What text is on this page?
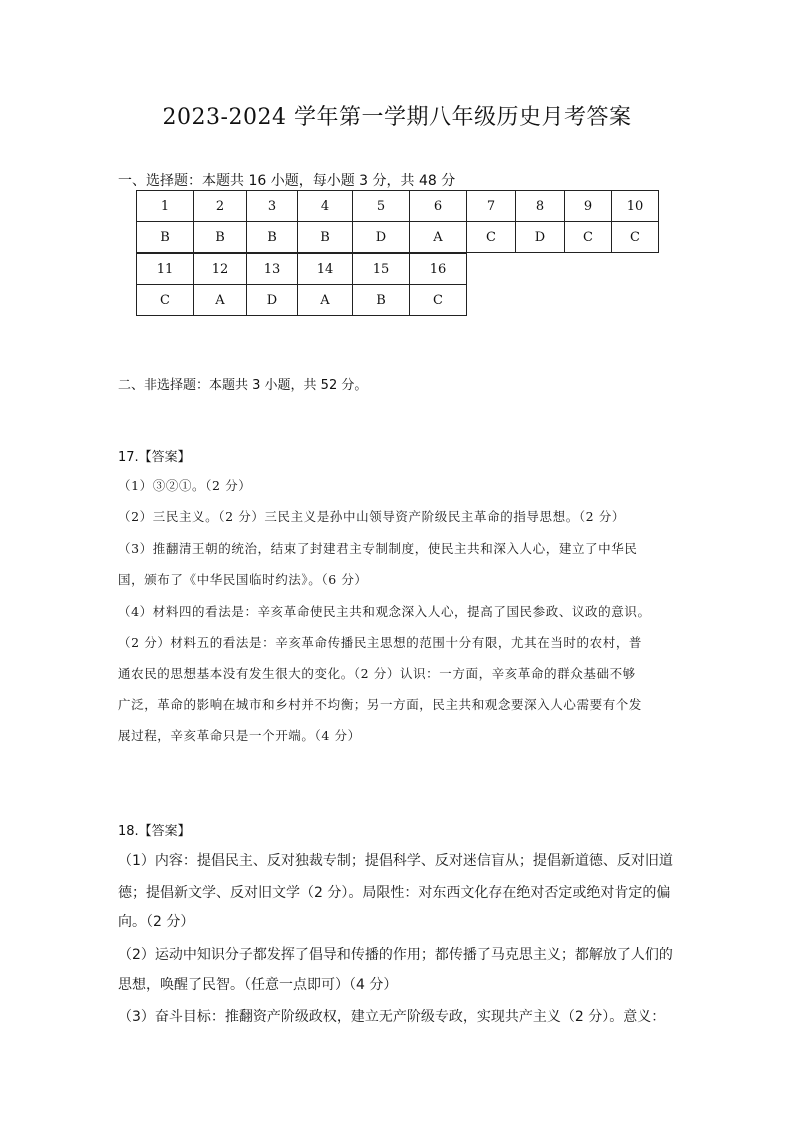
2023-2024 学年第一学期八年级历史月考答案
一、选择题：本题共 16 小题，每小题 3 分，共 48 分
1	2	3	4	5	6	7	8	9	10
B	B	B	B	D	A	C	D	C	C
11	12	13	14	15	16
C	A	D	A	B	C
二、非选择题：本题共 3 小题，共 52 分。
17.【答案】
（1）③②①。（2 分）
（2）三民主义。（2 分）三民主义是孙中山领导资产阶级民主革命的指导思想。（2 分）
（3）推翻清王朝的统治，结束了封建君主专制制度，使民主共和深入人心，建立了中华民
国，颁布了《中华民国临时约法》。（6 分）
（4）材料四的看法是：辛亥革命使民主共和观念深入人心，提高了国民参政、议政的意识。
（2 分）材料五的看法是：辛亥革命传播民主思想的范围十分有限，尤其在当时的农村，普
通农民的思想基本没有发生很大的变化。（2 分）认识：一方面，辛亥革命的群众基础不够
广泛，革命的影响在城市和乡村并不均衡；另一方面，民主共和观念要深入人心需要有个发
展过程，辛亥革命只是一个开端。（4 分）
18.【答案】
（1）内容：提倡民主、反对独裁专制；提倡科学、反对迷信盲从；提倡新道德、反对旧道
德；提倡新文学、反对旧文学（2 分）。局限性：对东西文化存在绝对否定或绝对肯定的偏
向。（2 分）
（2）运动中知识分子都发挥了倡导和传播的作用；都传播了马克思主义；都解放了人们的
思想，唤醒了民智。（任意一点即可）（4 分）
（3）奋斗目标：推翻资产阶级政权，建立无产阶级专政，实现共产主义（2 分）。意义：
